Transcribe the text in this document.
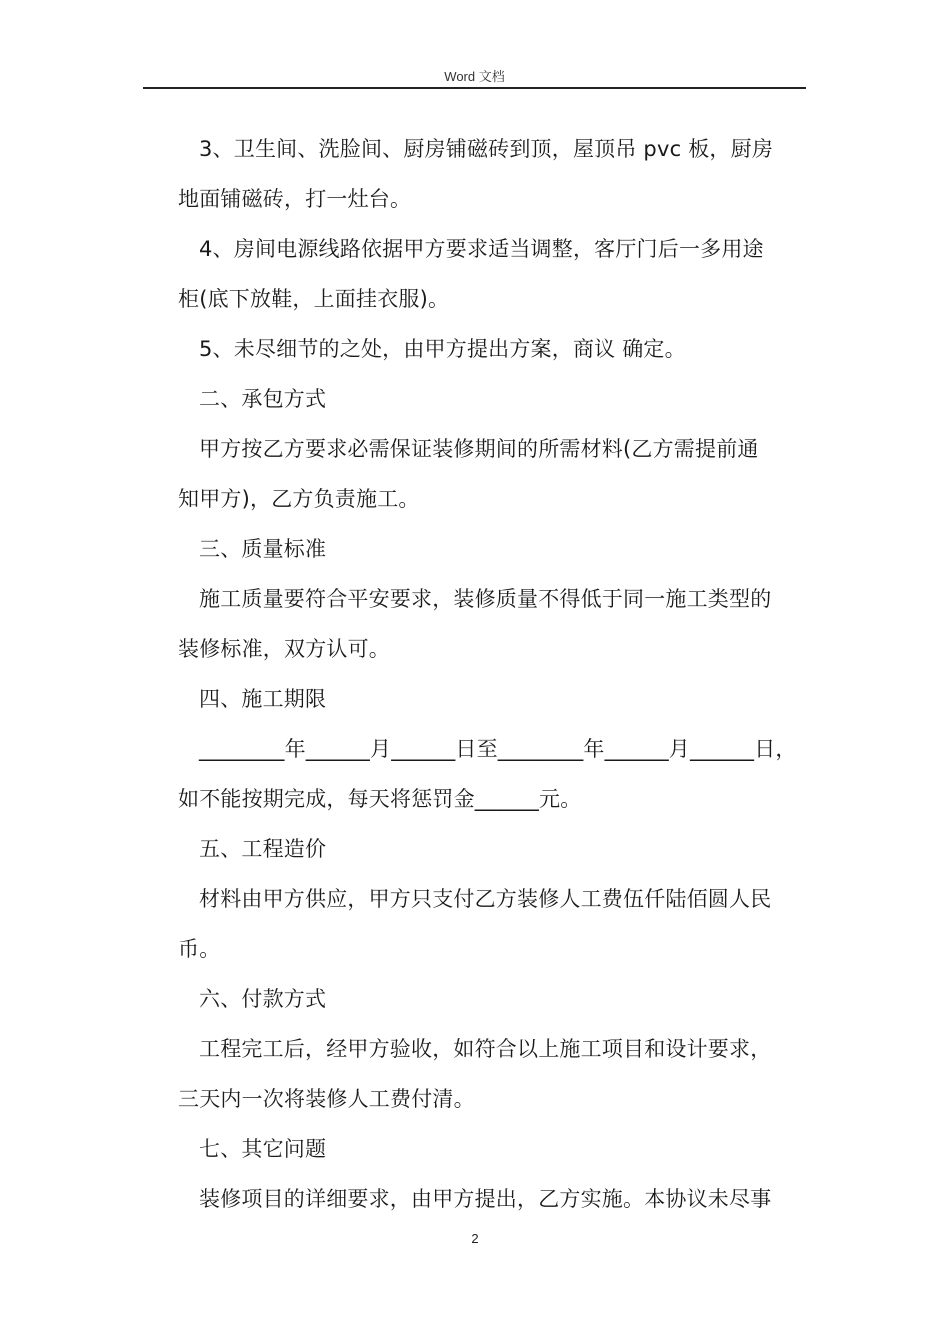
Word 文档

3、卫生间、洗脸间、厨房铺磁砖到顶，屋顶吊 pvc 板，厨房

地面铺磁砖，打一灶台。

4、房间电源线路依据甲方要求适当调整，客厅门后一多用途

柜(底下放鞋，上面挂衣服)。

5、未尽细节的之处，由甲方提出方案，商议 确定。

二、承包方式

甲方按乙方要求必需保证装修期间的所需材料(乙方需提前通

知甲方)，乙方负责施工。

三、质量标准

施工质量要符合平安要求，装修质量不得低于同一施工类型的

装修标准，双方认可。

四、施工期限

________年______月______日至________年______月______日，

如不能按期完成，每天将惩罚金______元。

五、工程造价

材料由甲方供应，甲方只支付乙方装修人工费伍仟陆佰圆人民

币。

六、付款方式

工程完工后，经甲方验收，如符合以上施工项目和设计要求，

三天内一次将装修人工费付清。

七、其它问题

装修项目的详细要求，由甲方提出，乙方实施。本协议未尽事

2
